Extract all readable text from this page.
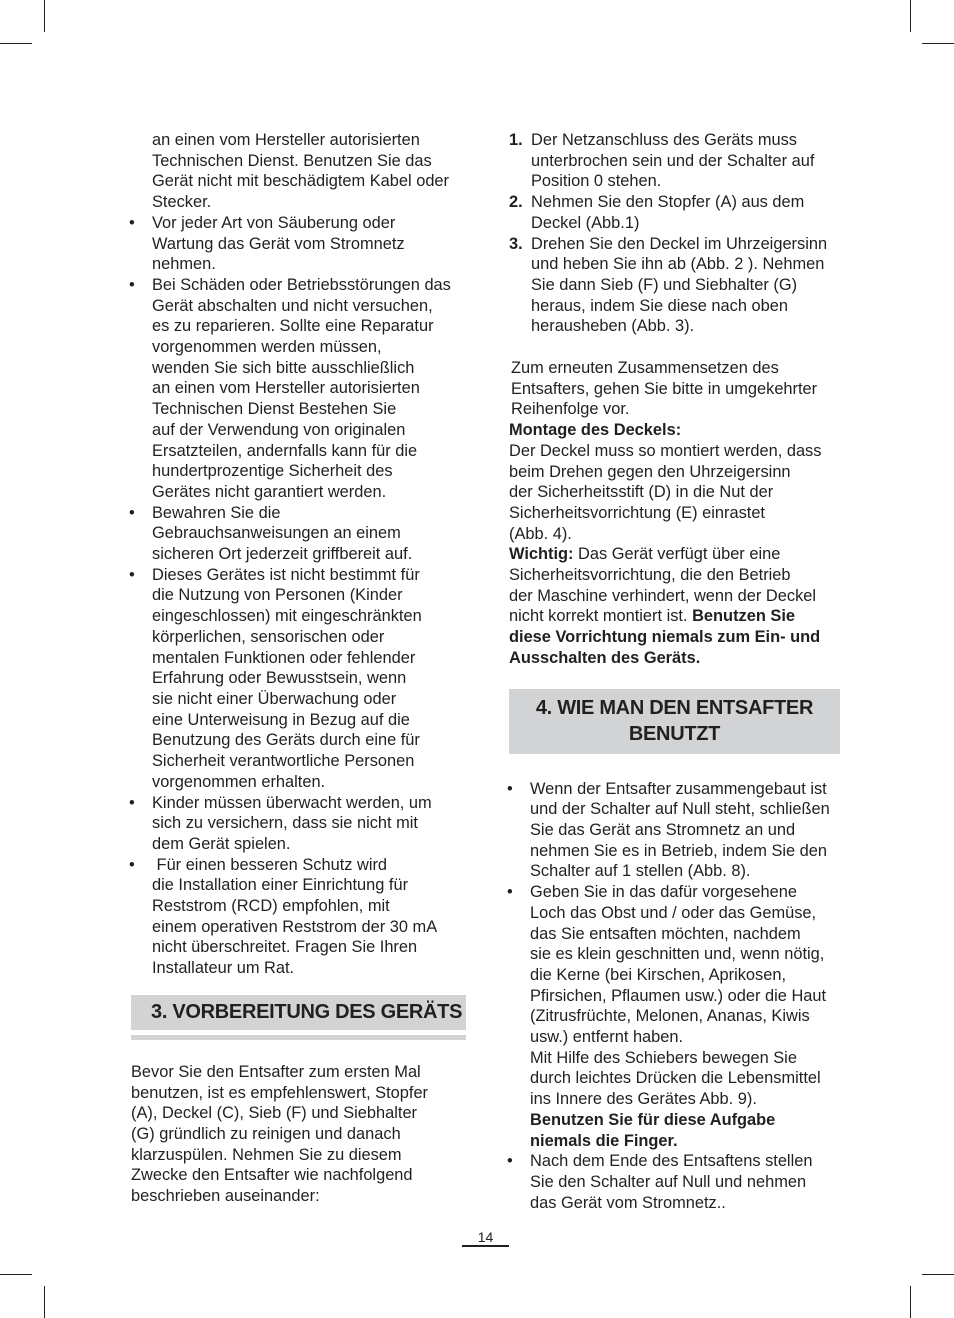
an einen vom Hersteller autorisierten
Technischen Dienst. Benutzen Sie das
Gerät nicht mit beschädigtem Kabel oder
Stecker.

• Vor jeder Art von Säuberung oder
Wartung das Gerät vom Stromnetz
nehmen.
• Bei Schäden oder Betriebsstörungen das
Gerät abschalten und nicht versuchen,
es zu reparieren. Sollte eine Reparatur
vorgenommen werden müssen,
wenden Sie sich bitte ausschließlich
an einen vom Hersteller autorisierten
Technischen Dienst Bestehen Sie
auf der Verwendung von originalen
Ersatzteilen, andernfalls kann für die
hundertprozentige Sicherheit des
Gerätes nicht garantiert werden.
• Bewahren Sie die
Gebrauchsanweisungen an einem
sicheren Ort jederzeit griffbereit auf.
• Dieses Gerätes ist nicht bestimmt für
die Nutzung von Personen (Kinder
eingeschlossen) mit eingeschränkten
körperlichen, sensorischen oder
mentalen Funktionen oder fehlender
Erfahrung oder Bewusstsein, wenn
sie nicht einer Überwachung oder
eine Unterweisung in Bezug auf die
Benutzung des Geräts durch eine für
Sicherheit verantwortliche Personen
vorgenommen erhalten.
• Kinder müssen überwacht werden, um
sich zu versichern, dass sie nicht mit
dem Gerät spielen.
• Für einen besseren Schutz wird
die Installation einer Einrichtung für
Reststrom (RCD) empfohlen, mit
einem operativen Reststrom der 30 mA
nicht überschreitet. Fragen Sie Ihren
Installateur um Rat.
3. VORBEREITUNG DES GERÄTS

Bevor Sie den Entsafter zum ersten Mal
benutzen, ist es empfehlenswert, Stopfer
(A), Deckel (C), Sieb (F) und Siebhalter
(G) gründlich zu reinigen und danach
klarzuspülen. Nehmen Sie zu diesem
Zwecke den Entsafter wie nachfolgend
beschrieben auseinander:

1. Der Netzanschluss des Geräts muss
unterbrochen sein und der Schalter auf
Position 0 stehen.
2. Nehmen Sie den Stopfer (A) aus dem
Deckel (Abb.1)
3. Drehen Sie den Deckel im Uhrzeigersinn
und heben Sie ihn ab (Abb. 2 ). Nehmen
Sie dann Sieb (F) und Siebhalter (G)
heraus, indem Sie diese nach oben
herausheben (Abb. 3).

Zum erneuten Zusammensetzen des
Entsafters, gehen Sie bitte in umgekehrter
Reihenfolge vor.

Montage des Deckels:

Der Deckel muss so montiert werden, dass
beim Drehen gegen den Uhrzeigersinn
der Sicherheitsstift (D) in die Nut der
Sicherheitsvorrichtung (E) einrastet
(Abb. 4).

Wichtig: Das Gerät verfügt über eine
Sicherheitsvorrichtung, die den Betrieb
der Maschine verhindert, wenn der Deckel
nicht korrekt montiert ist. Benutzen Sie
diese Vorrichtung niemals zum Ein- und
Ausschalten des Geräts.

4. WIE MAN DEN ENTSAFTER
BENUTZT
• Wenn der Entsafter zusammengebaut ist
und der Schalter auf Null steht, schließen
Sie das Gerät ans Stromnetz an und
nehmen Sie es in Betrieb, indem Sie den
Schalter auf 1 stellen (Abb. 8).
• Geben Sie in das dafür vorgesehene
Loch das Obst und / oder das Gemüse,
das Sie entsaften möchten, nachdem
sie es klein geschnitten und, wenn nötig,
die Kerne (bei Kirschen, Aprikosen,
Pfirsichen, Pflaumen usw.) oder die Haut
(Zitrusfrüchte, Melonen, Ananas, Kiwis
usw.) entfernt haben.
Mit Hilfe des Schiebers bewegen Sie
durch leichtes Drücken die Lebensmittel
ins Innere des Gerätes Abb. 9).
Benutzen Sie für diese Aufgabe
niemals die Finger.
• Nach dem Ende des Entsaftens stellen
Sie den Schalter auf Null und nehmen
das Gerät vom Stromnetz..
14
